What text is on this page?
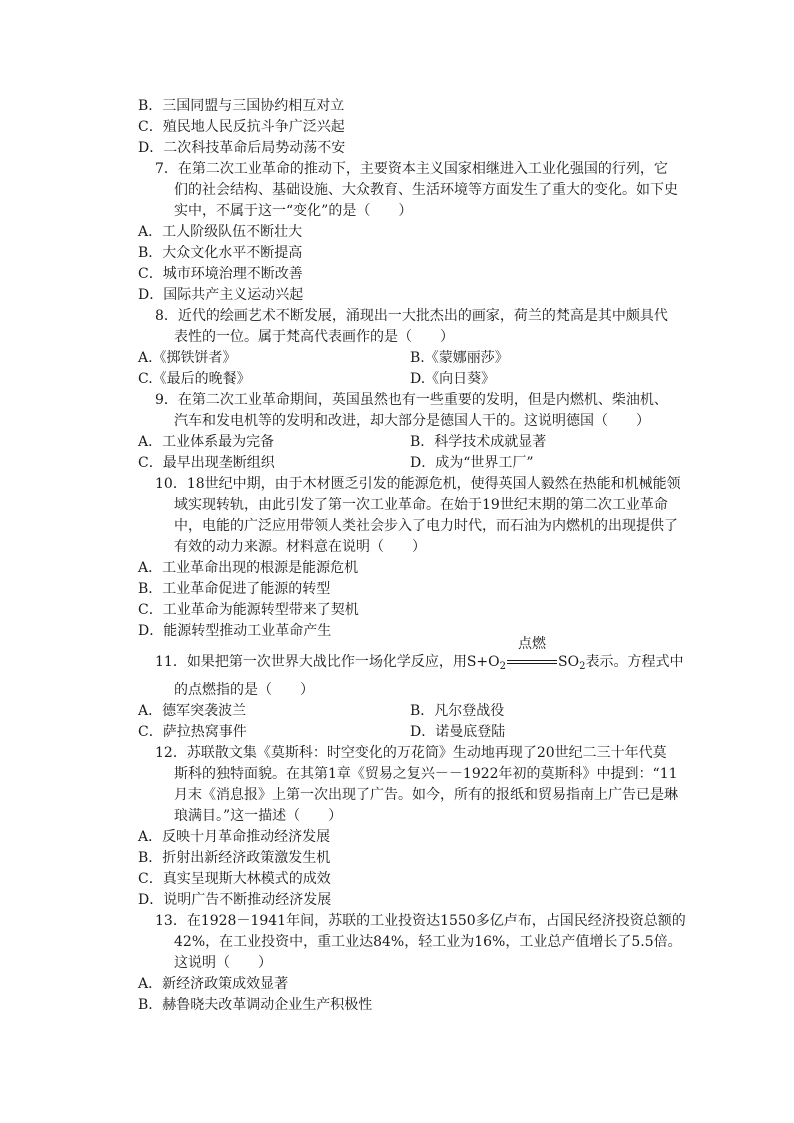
B．三国同盟与三国协约相互对立
C．殖民地人民反抗斗争广泛兴起
D．二次科技革命后局势动荡不安
7．在第二次工业革命的推动下，主要资本主义国家相继进入工业化强国的行列，它
们的社会结构、基础设施、大众教育、生活环境等方面发生了重大的变化。如下史
实中，不属于这一“变化”的是（　　）
A．工人阶级队伍不断壮大
B．大众文化水平不断提高
C．城市环境治理不断改善
D．国际共产主义运动兴起
8．近代的绘画艺术不断发展，涌现出一大批杰出的画家，荷兰的梵高是其中颇具代
表性的一位。属于梵高代表画作的是（　　）
A.《掷铁饼者》	B.《蒙娜丽莎》
C.《最后的晚餐》	D.《向日葵》
9．在第二次工业革命期间，英国虽然也有一些重要的发明，但是内燃机、柴油机、
汽车和发电机等的发明和改进，却大部分是德国人干的。这说明德国（　　）
A．工业体系最为完备	B．科学技术成就显著
C．最早出现垄断组织	D．成为“世界工厂”
10．18世纪中期，由于木材匮乏引发的能源危机，使得英国人毅然在热能和机械能领
域实现转轨，由此引发了第一次工业革命。在始于19世纪末期的第二次工业革命
中，电能的广泛应用带领人类社会步入了电力时代，而石油为内燃机的出现提供了
有效的动力来源。材料意在说明（　　）
A．工业革命出现的根源是能源危机
B．工业革命促进了能源的转型
C．工业革命为能源转型带来了契机
D．能源转型推动工业革命产生
11．如果把第一次世界大战比作一场化学反应，用$S+O_2$
点燃
$SO_2$表示。方程式中
的点燃指的是（　　）
A．德军突袭波兰	B．凡尔登战役
C．萨拉热窝事件	D．诺曼底登陆
12．苏联散文集《莫斯科：时空变化的万花筒》生动地再现了20世纪二三十年代莫
斯科的独特面貌。在其第1章《贸易之复兴－－1922年初的莫斯科》中提到：“11
月末《消息报》上第一次出现了广告。如今，所有的报纸和贸易指南上广告已是琳
琅满目。”这一描述（　　）
A．反映十月革命推动经济发展
B．折射出新经济政策激发生机
C．真实呈现斯大林模式的成效
D．说明广告不断推动经济发展
13．在1928－1941年间，苏联的工业投资达1550多亿卢布，占国民经济投资总额的
42%，在工业投资中，重工业达84%，轻工业为16%，工业总产值增长了5.5倍。
这说明（　　）
A．新经济政策成效显著
B．赫鲁晓夫改革调动企业生产积极性
